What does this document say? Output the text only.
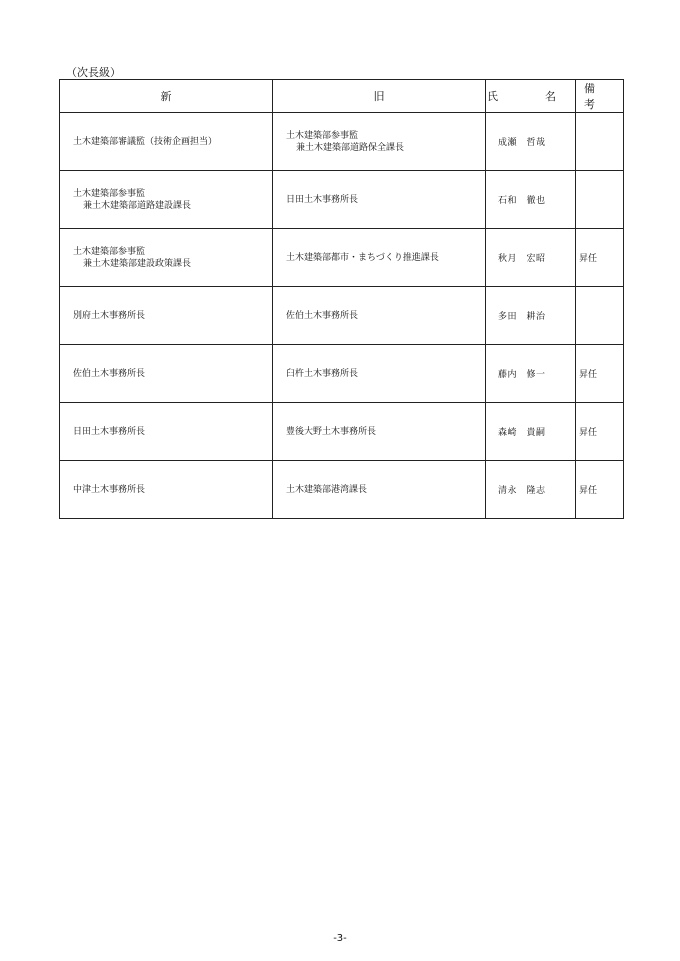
（次長級）
新	旧	氏　名	備　考

土木建築部審議監（技術企画担当）	土木建築部参事監
兼土木建築部道路保全課長	成瀬　哲哉	

土木建築部参事監
兼土木建築部道路建設課長	日田土木事務所長	石和　徹也	

土木建築部参事監
兼土木建築部建設政策課長	土木建築部都市・まちづくり推進課長	秋月　宏昭	昇任

別府土木事務所長	佐伯土木事務所長	多田　耕治	

佐伯土木事務所長	臼杵土木事務所長	藤内　修一	昇任

日田土木事務所長	豊後大野土木事務所長	森崎　貴嗣	昇任

中津土木事務所長	土木建築部港湾課長	清永　隆志	昇任
-3-
